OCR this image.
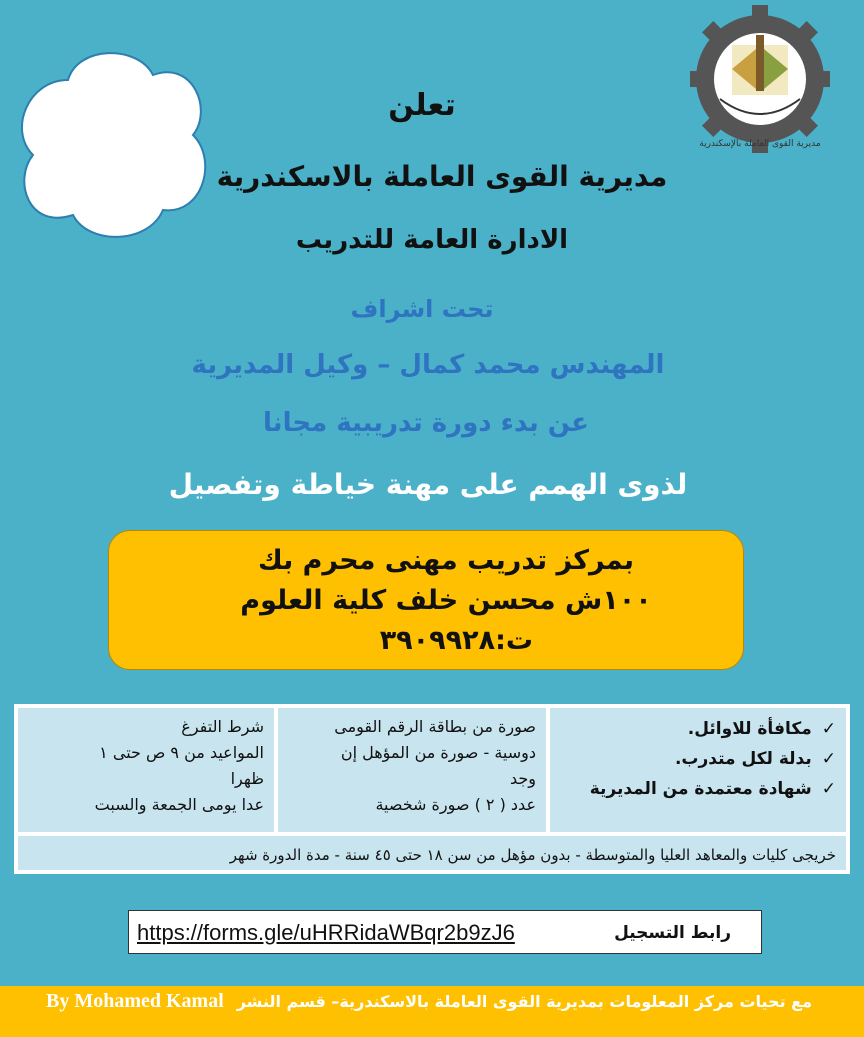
دورات
لذوى
الهمم
مديرية القوى العاملة بالإسكندرية
تعلن
مديرية القوى العاملة بالاسكندرية
الادارة العامة للتدريب
تحت اشراف
المهندس محمد كمال – وكيل المديرية
عن بدء دورة تدريبية مجانا
لذوى الهمم على مهنة خياطة وتفصيل
بمركز تدريب مهنى محرم بك
١٠٠ش محسن خلف كلية العلوم
ت:٣٩٠٩٩٢٨
✓مكافأة للاوائل.
✓بدلة لكل متدرب.
✓شهادة معتمدة من المديرية
صورة من بطاقة الرقم القومى
دوسية - صورة من المؤهل إن
وجد
عدد ( ٢ ) صورة شخصية
شرط التفرغ
المواعيد من ٩ ص حتى ١
ظهرا
عدا يومى الجمعة والسبت
خريجى كليات والمعاهد العليا والمتوسطة - بدون مؤهل من سن ١٨ حتى ٤٥ سنة - مدة الدورة شهر
https://forms.gle/uHRRidaWBqr2b9zJ6	رابط التسجيل
مع تحيات مركز المعلومات بمديرية القوى العاملة بالاسكندرية– قسم النشر
By Mohamed Kamal
